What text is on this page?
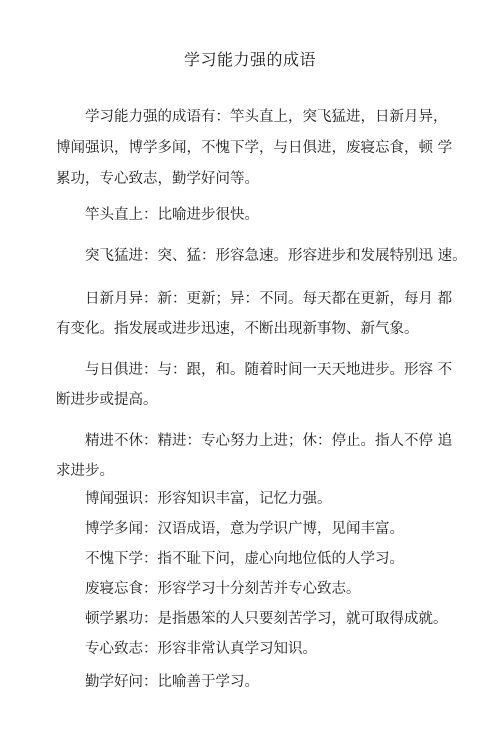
学习能力强的成语
　　学习能力强的成语有：竿头直上，突飞猛进，日新月异，
博闻强识，博学多闻，不愧下学，与日俱进，废寝忘食，顿 学
累功，专心致志，勤学好问等。
　　竿头直上：比喻进步很快。
　　突飞猛进：突、猛：形容急速。形容进步和发展特别迅 速。
　　日新月异：新：更新；异：不同。每天都在更新，每月 都
有变化。指发展或进步迅速，不断出现新事物、新气象。
　　与日俱进：与：跟，和。随着时间一天天地进步。形容 不
断进步或提高。
　　精进不休：精进：专心努力上进；休：停止。指人不停 追
求进步。
　　博闻强识：形容知识丰富，记忆力强。
　　博学多闻：汉语成语，意为学识广博，见闻丰富。
　　不愧下学：指不耻下问，虚心向地位低的人学习。
　　废寝忘食：形容学习十分刻苦并专心致志。
　　顿学累功：是指愚笨的人只要刻苦学习，就可取得成就。
　　专心致志：形容非常认真学习知识。
　　勤学好问：比喻善于学习。
